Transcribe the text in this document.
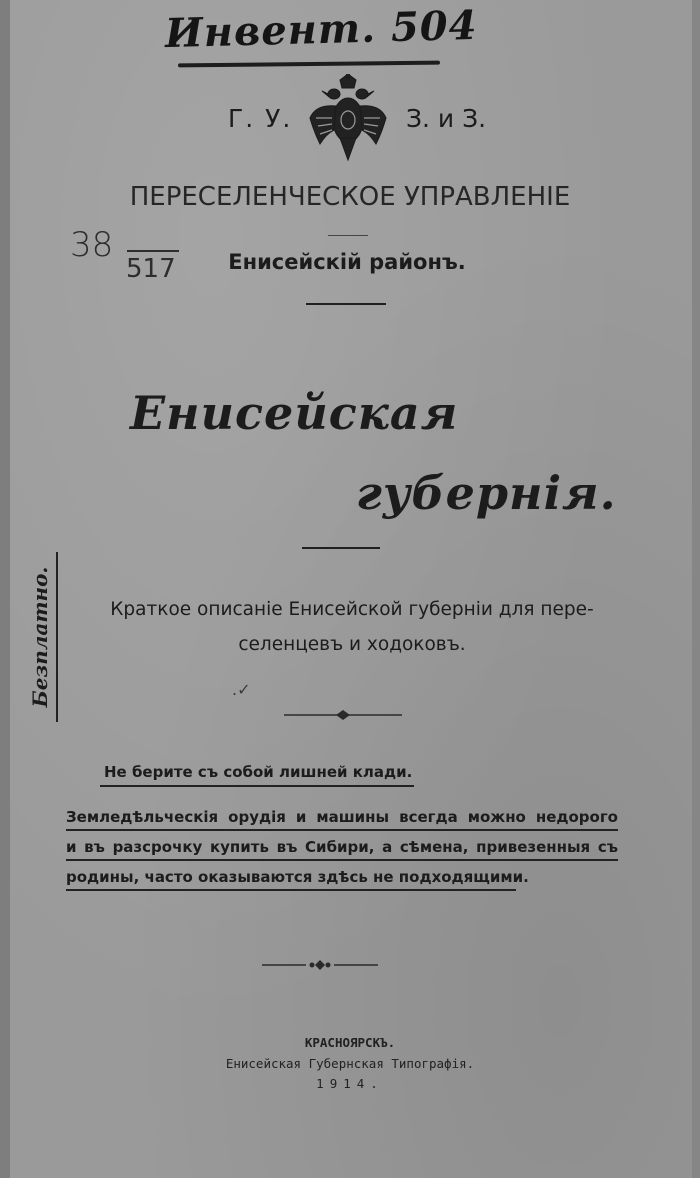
Инвент. 504
Г. У.	З. и З.
ПЕРЕСЕЛЕНЧЕСКОЕ УПРАВЛЕНІЕ
38
517	Енисейскій районъ.
Енисейская
губернія.
Безплатно.	Краткое описаніе Енисейской губерніи для пере-
селенцевъ и ходоковъ.
.✓
Не берите съ собой лишней клади.
Земледѣльческія орудія и машины всегда можно недорого
и въ разсрочку купить въ Сибири, а сѣмена, привезенныя съ
родины, часто оказываются здѣсь не подходящими.
КРАСНОЯРСКЪ.
Енисейская Губернская Типографія.
1914.
